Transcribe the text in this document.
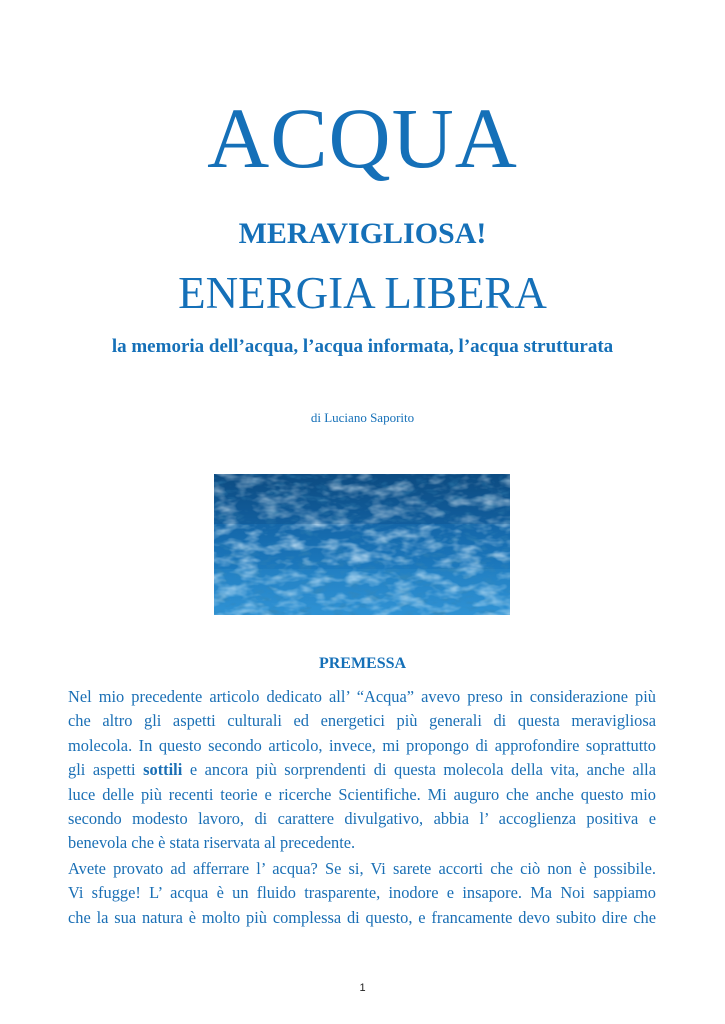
ACQUA
MERAVIGLIOSA!
ENERGIA LIBERA
la memoria dell’acqua, l’acqua informata, l’acqua strutturata
di Luciano Saporito
PREMESSA
Nel mio precedente articolo dedicato all’ “Acqua” avevo preso in considerazione più
che altro gli aspetti culturali ed energetici più generali di questa meravigliosa
molecola. In questo secondo articolo, invece, mi propongo di approfondire soprattutto
gli aspetti sottili e ancora più sorprendenti di questa molecola della vita, anche alla
luce delle più recenti teorie e ricerche Scientifiche. Mi auguro che anche questo mio
secondo modesto lavoro, di carattere divulgativo, abbia l’ accoglienza positiva e
benevola che è stata riservata al precedente.
Avete provato ad afferrare l’ acqua? Se si, Vi sarete accorti che ciò non è possibile.
Vi sfugge! L’ acqua è un fluido trasparente, inodore e insapore. Ma Noi sappiamo
che la sua natura è molto più complessa di questo, e francamente devo subito dire che
1
